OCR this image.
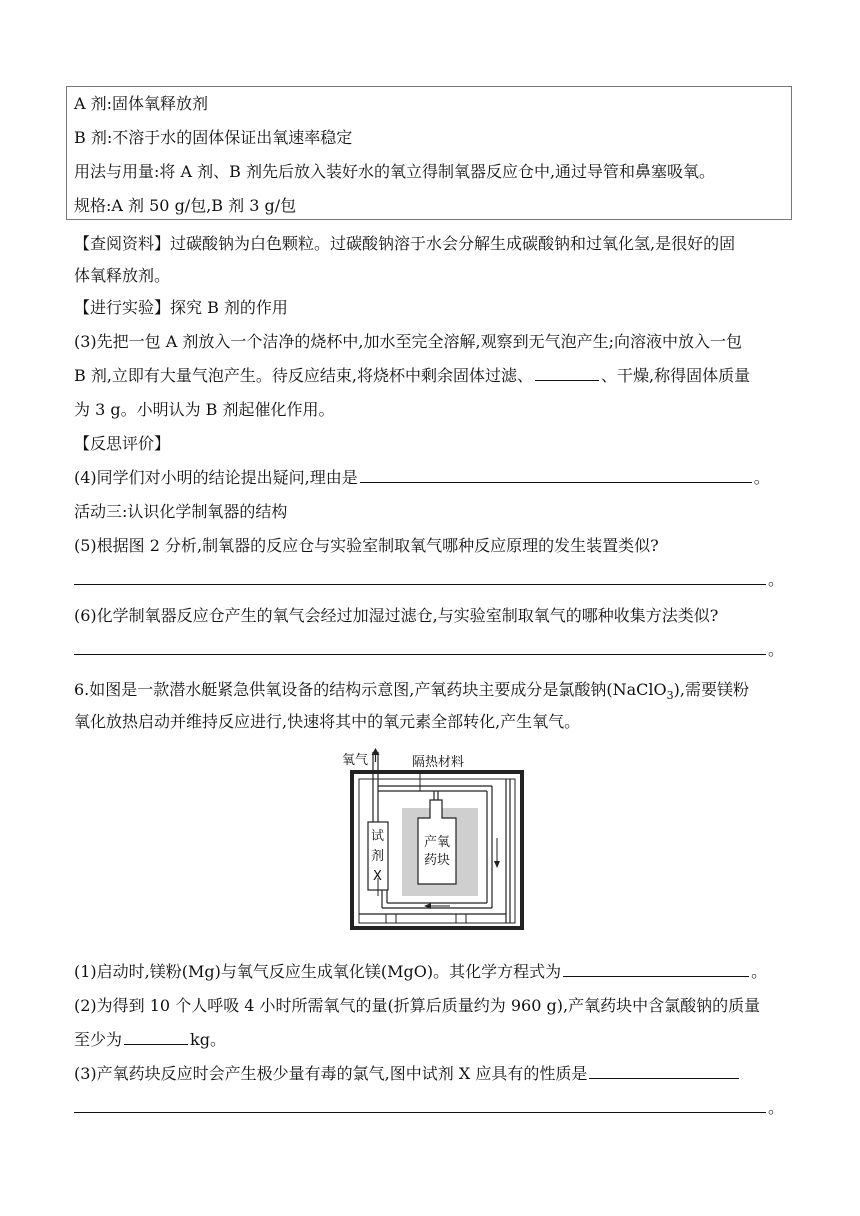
A 剂:固体氧释放剂
B 剂:不溶于水的固体保证出氧速率稳定
用法与用量:将 A 剂、B 剂先后放入装好水的氧立得制氧器反应仓中,通过导管和鼻塞吸氧。
规格:A 剂 50 g/包,B 剂 3 g/包
【查阅资料】过碳酸钠为白色颗粒。过碳酸钠溶于水会分解生成碳酸钠和过氧化氢,是很好的固
体氧释放剂。
【进行实验】探究 B 剂的作用
(3)先把一包 A 剂放入一个洁净的烧杯中,加水至完全溶解,观察到无气泡产生;向溶液中放入一包
B 剂,立即有大量气泡产生。待反应结束,将烧杯中剩余固体过滤、	、干燥,称得固体质量
为 3 g。小明认为 B 剂起催化作用。
【反思评价】
(4)同学们对小明的结论提出疑问,理由是	。
活动三:认识化学制氧器的结构
(5)根据图 2 分析,制氧器的反应仓与实验室制取氧气哪种反应原理的发生装置类似?
。
(6)化学制氧器反应仓产生的氧气会经过加湿过滤仓,与实验室制取氧气的哪种收集方法类似?
。
6.如图是一款潜水艇紧急供氧设备的结构示意图,产氧药块主要成分是氯酸钠(NaClO$_3$),需要镁粉
氧化放热启动并维持反应进行,快速将其中的氧元素全部转化,产生氧气。
氧气	隔热材料
试
剂
X
产氧
药块
(1)启动时,镁粉(Mg)与氧气反应生成氧化镁(MgO)。其化学方程式为	。
(2)为得到 10 个人呼吸 4 小时所需氧气的量(折算后质量约为 960 g),产氧药块中含氯酸钠的质量
至少为	kg。
(3)产氧药块反应时会产生极少量有毒的氯气,图中试剂 X 应具有的性质是
。
